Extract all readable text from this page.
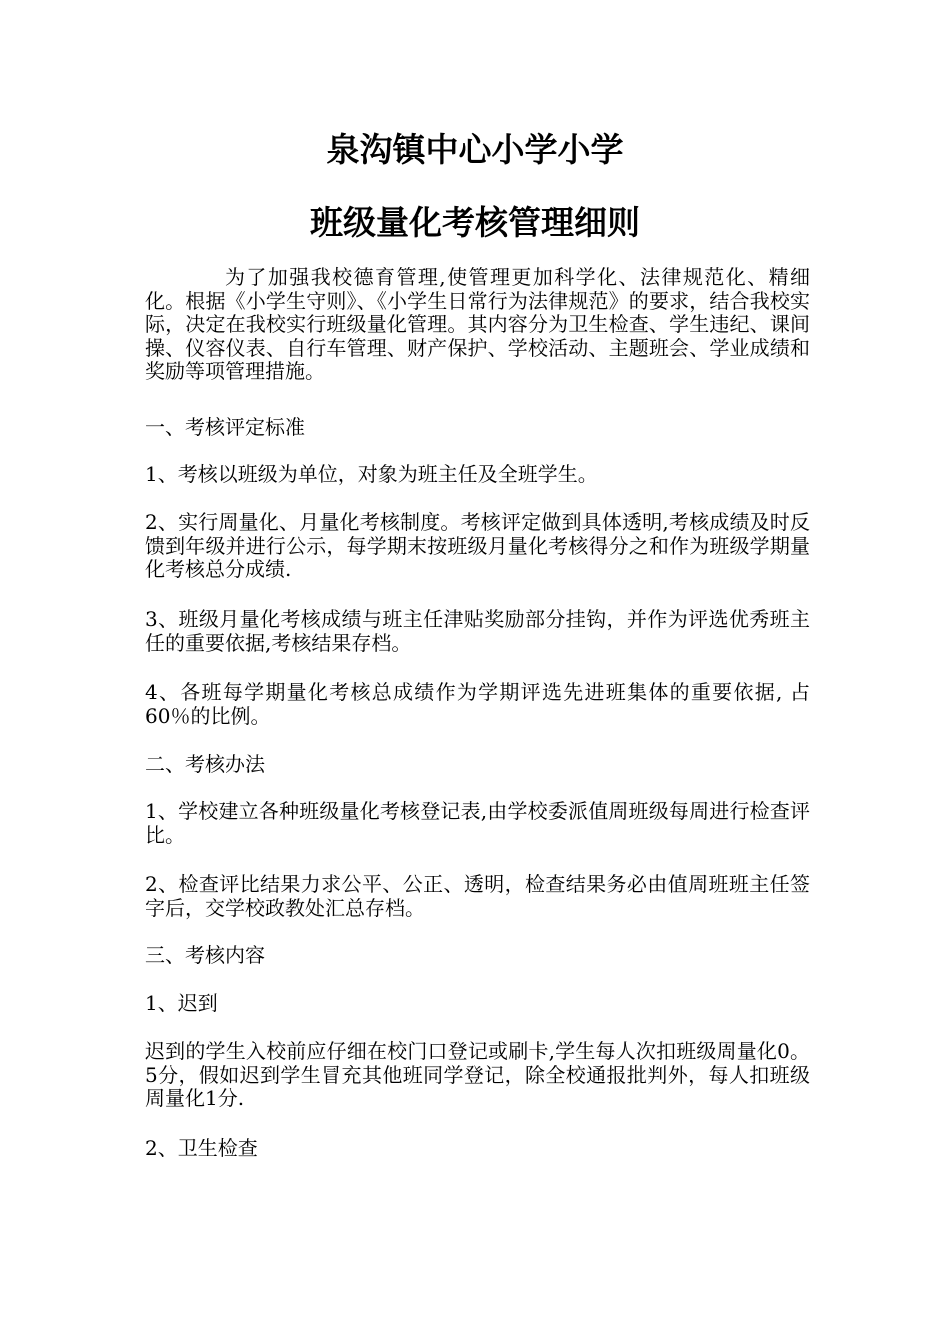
泉沟镇中心小学小学
班级量化考核管理细则

为了加强我校德育管理,使管理更加科学化、法律规范化、精细化。根据《小学生守则》、《小学生日常行为法律规范》的要求，结合我校实际，决定在我校实行班级量化管理。其内容分为卫生检查、学生违纪、课间操、仪容仪表、自行车管理、财产保护、学校活动、主题班会、学业成绩和奖励等项管理措施。

一、考核评定标准

1、考核以班级为单位，对象为班主任及全班学生。

2、实行周量化、月量化考核制度。考核评定做到具体透明,考核成绩及时反馈到年级并进行公示，每学期末按班级月量化考核得分之和作为班级学期量化考核总分成绩.

3、班级月量化考核成绩与班主任津贴奖励部分挂钩，并作为评选优秀班主任的重要依据,考核结果存档。

4、各班每学期量化考核总成绩作为学期评选先进班集体的重要依据, 占60％的比例。

二、考核办法

1、学校建立各种班级量化考核登记表,由学校委派值周班级每周进行检查评比。

2、检查评比结果力求公平、公正、透明，检查结果务必由值周班班主任签字后，交学校政教处汇总存档。

三、考核内容

1、迟到

迟到的学生入校前应仔细在校门口登记或刷卡,学生每人次扣班级周量化0。5分，假如迟到学生冒充其他班同学登记，除全校通报批判外，每人扣班级周量化1分.

2、卫生检查
